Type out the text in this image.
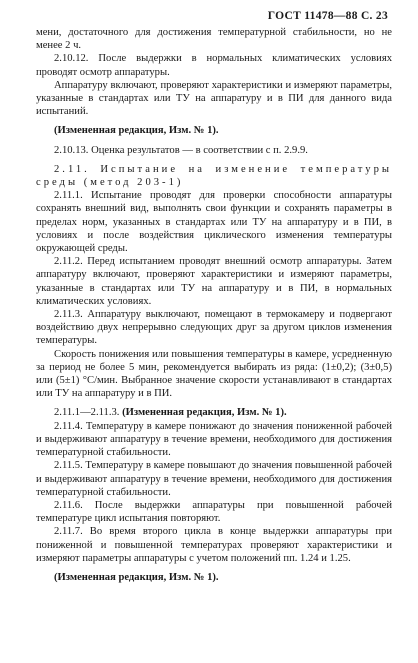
ГОСТ 11478—88 С. 23

мени, достаточного для достижения температурной стабильности, но не менее 2 ч.

2.10.12. После выдержки в нормальных климатических условиях проводят осмотр аппаратуры.

Аппаратуру включают, проверяют характеристики и измеряют параметры, указанные в стандартах или ТУ на аппаратуру и в ПИ для данного вида испытаний.

(Измененная редакция, Изм. № 1).

2.10.13. Оценка результатов — в соответствии с п. 2.9.9.

2.11. Испытание на изменение температуры среды (метод 203-1)

2.11.1. Испытание проводят для проверки способности аппаратуры сохранять внешний вид, выполнять свои функции и сохранять параметры в пределах норм, указанных в стандартах или ТУ на аппаратуру и в ПИ, в условиях и после воздействия циклического изменения температуры окружающей среды.

2.11.2. Перед испытанием проводят внешний осмотр аппаратуры. Затем аппаратуру включают, проверяют характеристики и измеряют параметры, указанные в стандартах или ТУ на аппаратуру и в ПИ, в нормальных климатических условиях.

2.11.3. Аппаратуру выключают, помещают в термокамеру и подвергают воздействию двух непрерывно следующих друг за другом циклов изменения температуры.

Скорость понижения или повышения температуры в камере, усредненную за период не более 5 мин, рекомендуется выбирать из ряда: (1±0,2); (3±0,5) или (5±1) °С/мин. Выбранное значение скорости устанавливают в стандартах или ТУ на аппаратуру и в ПИ.

2.11.1—2.11.3. (Измененная редакция, Изм. № 1).

2.11.4. Температуру в камере понижают до значения пониженной рабочей и выдерживают аппаратуру в течение времени, необходимого для достижения температурной стабильности.

2.11.5. Температуру в камере повышают до значения повышенной рабочей и выдерживают аппаратуру в течение времени, необходимого для достижения температурной стабильности.

2.11.6. После выдержки аппаратуры при повышенной рабочей температуре цикл испытания повторяют.

2.11.7. Во время второго цикла в конце выдержки аппаратуры при пониженной и повышенной температурах проверяют характеристики и измеряют параметры аппаратуры с учетом положений пп. 1.24 и 1.25.

(Измененная редакция, Изм. № 1).
